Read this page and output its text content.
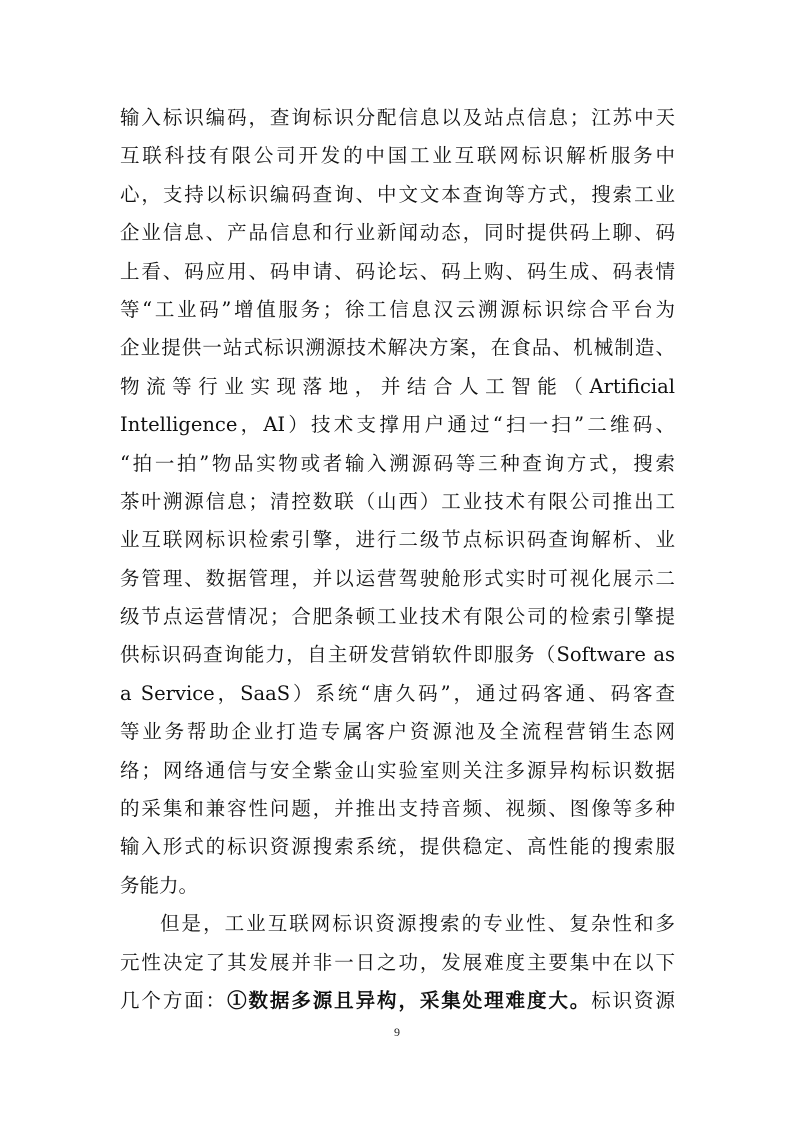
输入标识编码，查询标识分配信息以及站点信息；江苏中天
互联科技有限公司开发的中国工业互联网标识解析服务中
心，支持以标识编码查询、中文文本查询等方式，搜索工业
企业信息、产品信息和行业新闻动态，同时提供码上聊、码
上看、码应用、码申请、码论坛、码上购、码生成、码表情
等“工业码”增值服务；徐工信息汉云溯源标识综合平台为
企业提供一站式标识溯源技术解决方案，在食品、机械制造、
物流等行业实现落地，并结合人工智能（Artificial
Intelligence，AI）技术支撑用户通过“扫一扫”二维码、
“拍一拍”物品实物或者输入溯源码等三种查询方式，搜索
茶叶溯源信息；清控数联（山西）工业技术有限公司推出工
业互联网标识检索引擎，进行二级节点标识码查询解析、业
务管理、数据管理，并以运营驾驶舱形式实时可视化展示二
级节点运营情况；合肥条顿工业技术有限公司的检索引擎提
供标识码查询能力，自主研发营销软件即服务（Software as
a Service，SaaS）系统“唐久码”，通过码客通、码客查
等业务帮助企业打造专属客户资源池及全流程营销生态网
络；网络通信与安全紫金山实验室则关注多源异构标识数据
的采集和兼容性问题，并推出支持音频、视频、图像等多种
输入形式的标识资源搜索系统，提供稳定、高性能的搜索服
务能力。
但是，工业互联网标识资源搜索的专业性、复杂性和多
元性决定了其发展并非一日之功，发展难度主要集中在以下
几个方面：①数据多源且异构，采集处理难度大。标识资源
9
